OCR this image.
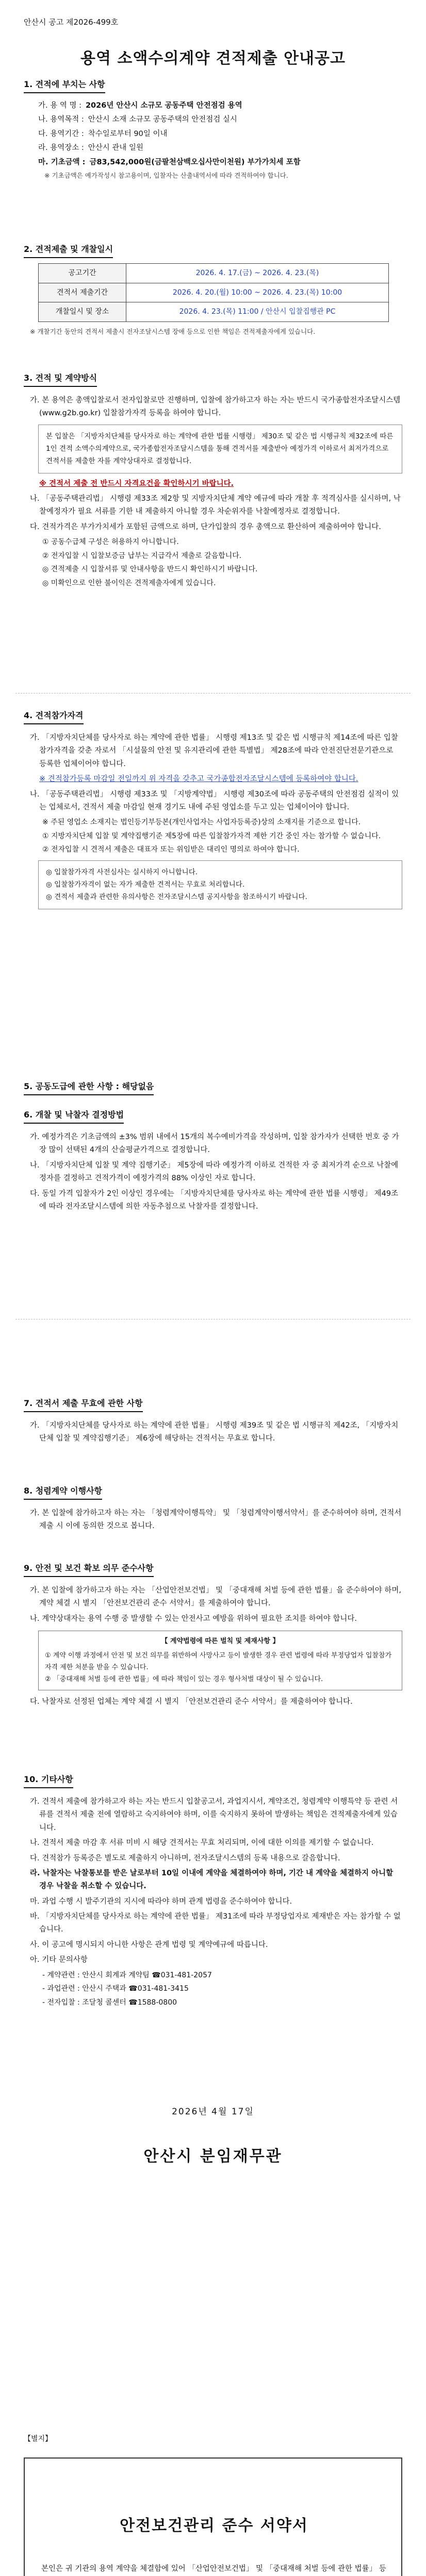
안산시 공고 제2026-499호
용역 소액수의계약 견적제출 안내공고
1. 견적에 부치는 사항
가. 용 역 명 : 2026년 안산시 소규모 공동주택 안전점검 용역
나. 용역목적 : 안산시 소재 소규모 공동주택의 안전점검 실시
다. 용역기간 : 착수일로부터 90일 이내
라. 용역장소 : 안산시 관내 일원
마. 기초금액 : 금83,542,000원(금팔천삼백오십사만이천원) 부가가치세 포함
※ 기초금액은 예가작성시 참고용이며, 입찰자는 산출내역서에 따라 견적하여야 합니다.
2. 견적제출 및 개찰일시
공고기간	2026. 4. 17.(금) ~ 2026. 4. 23.(목)
견적서 제출기간	2026. 4. 20.(월) 10:00 ~ 2026. 4. 23.(목) 10:00
개찰일시 및 장소	2026. 4. 23.(목) 11:00 / 안산시 입찰집행관 PC
※ 개찰기간 동안의 견적서 제출시 전자조달시스템 장애 등으로 인한 책임은 견적제출자에게 있습니다.
3. 견적 및 계약방식
가. 본 용역은 총액입찰로서 전자입찰로만 진행하며, 입찰에 참가하고자 하는 자는 반드시 국가종합전자조달시스템(www.g2b.go.kr) 입찰참가자격 등록을 하여야 합니다.
본 입찰은 「지방자치단체를 당사자로 하는 계약에 관한 법률 시행령」 제30조 및 같은 법 시행규칙 제32조에 따른 1인 견적 소액수의계약으로, 국가종합전자조달시스템을 통해 견적서를 제출받아 예정가격 이하로서 최저가격으로 견적서를 제출한 자를 계약상대자로 결정합니다.
※ 견적서 제출 전 반드시 자격요건을 확인하시기 바랍니다.
나. 「공동주택관리법」 시행령 제33조 제2항 및 지방자치단체 계약 예규에 따라 개찰 후 적격심사를 실시하며, 낙찰예정자가 필요 서류를 기한 내 제출하지 아니할 경우 차순위자를 낙찰예정자로 결정합니다.
다. 견적가격은 부가가치세가 포함된 금액으로 하며, 단가입찰의 경우 총액으로 환산하여 제출하여야 합니다.
① 공동수급체 구성은 허용하지 아니합니다.
② 전자입찰 시 입찰보증금 납부는 지급각서 제출로 갈음합니다.
◎ 견적제출 시 입찰서류 및 안내사항을 반드시 확인하시기 바랍니다.
◎ 미확인으로 인한 불이익은 견적제출자에게 있습니다.
4. 견적참가자격
가. 「지방자치단체를 당사자로 하는 계약에 관한 법률」 시행령 제13조 및 같은 법 시행규칙 제14조에 따른 입찰참가자격을 갖춘 자로서 「시설물의 안전 및 유지관리에 관한 특별법」 제28조에 따라 안전진단전문기관으로 등록한 업체이어야 합니다.
※ 견적참가등록 마감일 전일까지 위 자격을 갖추고 국가종합전자조달시스템에 등록하여야 합니다.
나. 「공동주택관리법」 시행령 제33조 및 「지방계약법」 시행령 제30조에 따라 공동주택의 안전점검 실적이 있는 업체로서, 견적서 제출 마감일 현재 경기도 내에 주된 영업소를 두고 있는 업체이어야 합니다.
※ 주된 영업소 소재지는 법인등기부등본(개인사업자는 사업자등록증)상의 소재지를 기준으로 합니다.
① 지방자치단체 입찰 및 계약집행기준 제5장에 따른 입찰참가자격 제한 기간 중인 자는 참가할 수 없습니다.
② 전자입찰 시 견적서 제출은 대표자 또는 위임받은 대리인 명의로 하여야 합니다.
◎ 입찰참가자격 사전심사는 실시하지 아니합니다.
◎ 입찰참가자격이 없는 자가 제출한 견적서는 무효로 처리합니다.
◎ 견적서 제출과 관련한 유의사항은 전자조달시스템 공지사항을 참조하시기 바랍니다.
5. 공동도급에 관한 사항 : 해당없음
6. 개찰 및 낙찰자 결정방법
가. 예정가격은 기초금액의 ±3% 범위 내에서 15개의 복수예비가격을 작성하며, 입찰 참가자가 선택한 번호 중 가장 많이 선택된 4개의 산술평균가격으로 결정합니다.
나. 「지방자치단체 입찰 및 계약 집행기준」 제5장에 따라 예정가격 이하로 견적한 자 중 최저가격 순으로 낙찰예정자를 결정하고 견적가격이 예정가격의 88% 이상인 자로 합니다.
다. 동일 가격 입찰자가 2인 이상인 경우에는 「지방자치단체를 당사자로 하는 계약에 관한 법률 시행령」 제49조에 따라 전자조달시스템에 의한 자동추첨으로 낙찰자를 결정합니다.
7. 견적서 제출 무효에 관한 사항
가. 「지방자치단체를 당사자로 하는 계약에 관한 법률」 시행령 제39조 및 같은 법 시행규칙 제42조, 「지방자치단체 입찰 및 계약집행기준」 제6장에 해당하는 견적서는 무효로 합니다.
8. 청렴계약 이행사항
가. 본 입찰에 참가하고자 하는 자는 「청렴계약이행특약」 및 「청렴계약이행서약서」를 준수하여야 하며, 견적서 제출 시 이에 동의한 것으로 봅니다.
9. 안전 및 보건 확보 의무 준수사항
가. 본 입찰에 참가하고자 하는 자는 「산업안전보건법」 및 「중대재해 처벌 등에 관한 법률」을 준수하여야 하며, 계약 체결 시 별지 「안전보건관리 준수 서약서」를 제출하여야 합니다.
나. 계약상대자는 용역 수행 중 발생할 수 있는 안전사고 예방을 위하여 필요한 조치를 하여야 합니다.
【 계약법령에 따른 벌칙 및 제재사항 】
① 계약 이행 과정에서 안전 및 보건 의무를 위반하여 사망사고 등이 발생한 경우 관련 법령에 따라 부정당업자 입찰참가자격 제한 처분을 받을 수 있습니다.
② 「중대재해 처벌 등에 관한 법률」에 따라 책임이 있는 경우 형사처벌 대상이 될 수 있습니다.
다. 낙찰자로 선정된 업체는 계약 체결 시 별지 「안전보건관리 준수 서약서」를 제출하여야 합니다.
10. 기타사항
가. 견적서 제출에 참가하고자 하는 자는 반드시 입찰공고서, 과업지시서, 계약조건, 청렴계약 이행특약 등 관련 서류를 견적서 제출 전에 열람하고 숙지하여야 하며, 이를 숙지하지 못하여 발생하는 책임은 견적제출자에게 있습니다.
나. 견적서 제출 마감 후 서류 미비 시 해당 견적서는 무효 처리되며, 이에 대한 이의를 제기할 수 없습니다.
다. 견적참가 등록증은 별도로 제출하지 아니하며, 전자조달시스템의 등록 내용으로 갈음합니다.
라. 낙찰자는 낙찰통보를 받은 날로부터 10일 이내에 계약을 체결하여야 하며, 기간 내 계약을 체결하지 아니할 경우 낙찰을 취소할 수 있습니다.
마. 과업 수행 시 발주기관의 지시에 따라야 하며 관계 법령을 준수하여야 합니다.
바. 「지방자치단체를 당사자로 하는 계약에 관한 법률」 제31조에 따라 부정당업자로 제재받은 자는 참가할 수 없습니다.
사. 이 공고에 명시되지 아니한 사항은 관계 법령 및 계약예규에 따릅니다.
아. 기타 문의사항
- 계약관련 : 안산시 회계과 계약팀 ☎031-481-2057
- 과업관련 : 안산시 주택과 ☎031-481-3415
- 전자입찰 : 조달청 콜센터 ☎1588-0800
2026년 4월 17일
안산시 분임재무관
【별지】
안전보건관리 준수 서약서

본인은 귀 기관의 용역 계약을 체결함에 있어 「산업안전보건법」 및 「중대재해 처벌 등에 관한 법률」 등
